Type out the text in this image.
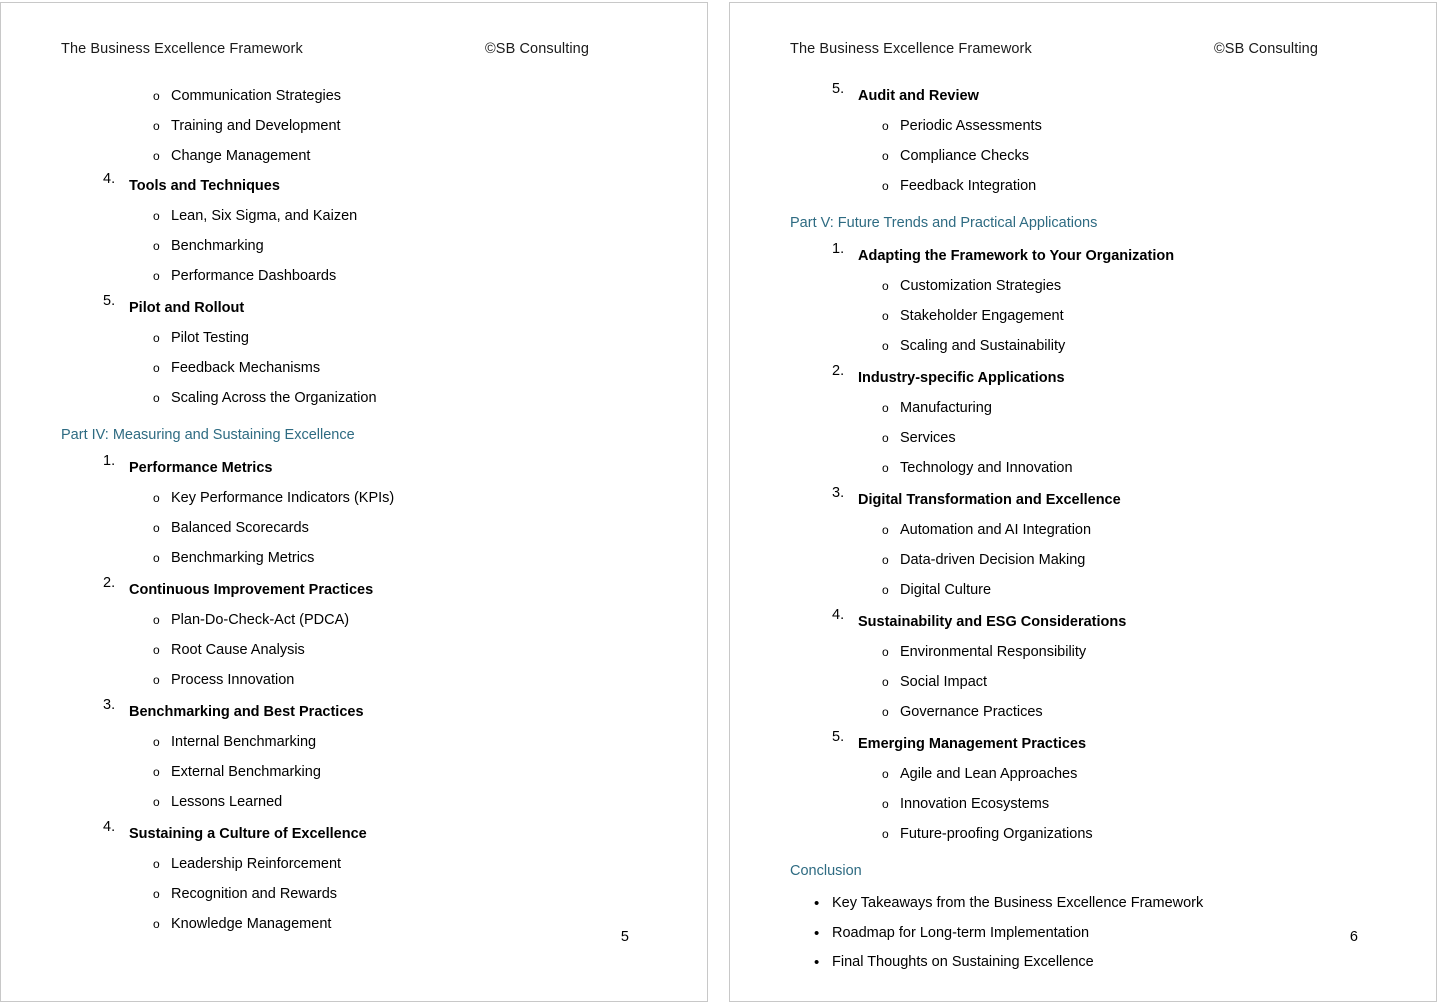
The Business Excellence Framework	©SB Consulting
o Communication Strategies
o Training and Development
o Change Management
4. Tools and Techniques
o Lean, Six Sigma, and Kaizen
o Benchmarking
o Performance Dashboards
5. Pilot and Rollout
o Pilot Testing
o Feedback Mechanisms
o Scaling Across the Organization
Part IV: Measuring and Sustaining Excellence
1. Performance Metrics
o Key Performance Indicators (KPIs)
o Balanced Scorecards
o Benchmarking Metrics
2. Continuous Improvement Practices
o Plan-Do-Check-Act (PDCA)
o Root Cause Analysis
o Process Innovation
3. Benchmarking and Best Practices
o Internal Benchmarking
o External Benchmarking
o Lessons Learned
4. Sustaining a Culture of Excellence
o Leadership Reinforcement
o Recognition and Rewards
o Knowledge Management
5
The Business Excellence Framework	©SB Consulting
5. Audit and Review
o Periodic Assessments
o Compliance Checks
o Feedback Integration
Part V: Future Trends and Practical Applications
1. Adapting the Framework to Your Organization
o Customization Strategies
o Stakeholder Engagement
o Scaling and Sustainability
2. Industry-specific Applications
o Manufacturing
o Services
o Technology and Innovation
3. Digital Transformation and Excellence
o Automation and AI Integration
o Data-driven Decision Making
o Digital Culture
4. Sustainability and ESG Considerations
o Environmental Responsibility
o Social Impact
o Governance Practices
5. Emerging Management Practices
o Agile and Lean Approaches
o Innovation Ecosystems
o Future-proofing Organizations
Conclusion
• Key Takeaways from the Business Excellence Framework
• Roadmap for Long-term Implementation
• Final Thoughts on Sustaining Excellence
6
